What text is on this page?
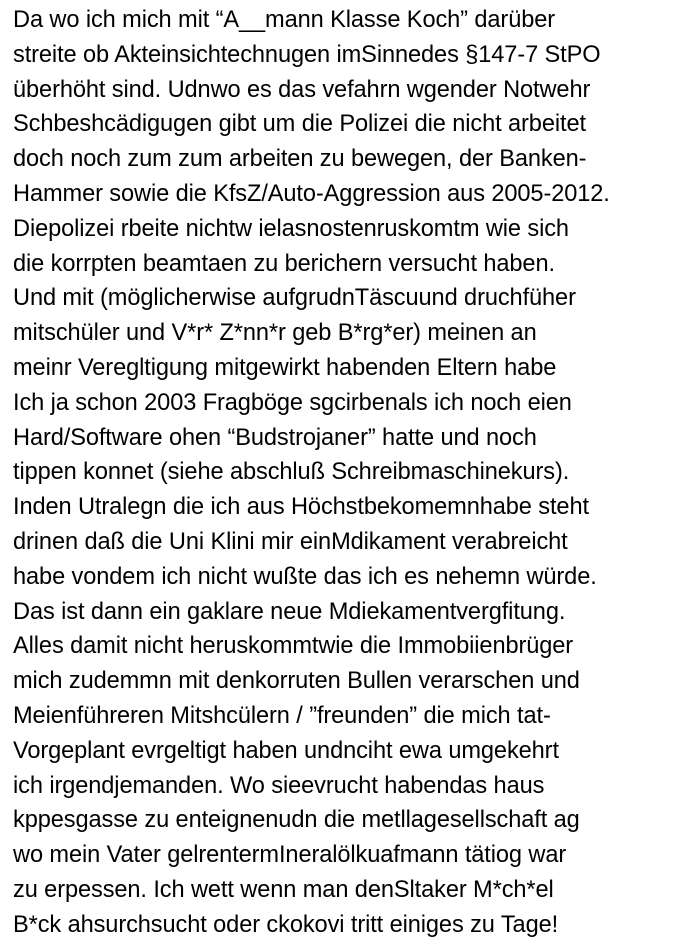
Da wo ich mich mit “A__mann Klasse Koch” darüber
streite ob Akteinsichtechnugen imSinnedes §147-7 StPO
überhöht sind. Udnwo es das vefahrn wgender Notwehr
Schbeshcädigugen gibt um die Polizei die nicht arbeitet
doch noch zum zum arbeiten zu bewegen, der Banken-
Hammer sowie die KfsZ/Auto-Aggression aus 2005-2012.
Diepolizei rbeite nichtw ielasnostenruskomtm wie sich
die korrpten beamtaen zu berichern versucht haben.
Und mit (möglicherwise aufgrudnTäscuund druchfüher
mitschüler und V*r* Z*nn*r geb B*rg*er) meinen an
meinr Veregltigung mitgewirkt habenden Eltern habe
Ich ja schon 2003 Fragböge sgcirbenals ich noch eien
Hard/Software ohen “Budstrojaner” hatte und noch
tippen konnet (siehe abschluß Schreibmaschinekurs).
Inden Utralegn die ich aus Höchstbekomemnhabe steht
drinen daß die Uni Klini mir einMdikament verabreicht
habe vondem ich nicht wußte das ich es nehemn würde.
Das ist dann ein gaklare neue Mdiekamentvergfitung.
Alles damit nicht heruskommtwie die Immobiienbrüger
mich zudemmn mit denkorruten Bullen verarschen und
Meienführeren Mitshcülern / ”freunden” die mich tat-
Vorgeplant evrgeltigt haben undnciht ewa umgekehrt
ich irgendjemanden. Wo sieevrucht habendas haus
kppesgasse zu enteignenudn die metllagesellschaft ag
wo mein Vater gelrentermIneralölkuafmann tätiog war
zu erpessen. Ich wett wenn man denSltaker M*ch*el
B*ck ahsurchsucht oder ckokovi tritt einiges zu Tage!
